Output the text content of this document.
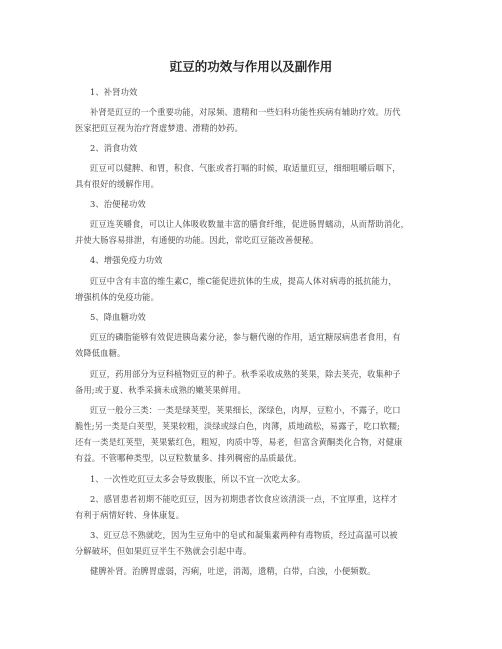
豇豆的功效与作用以及副作用
1、补肾功效
补肾是豇豆的一个重要功能，对尿频、遗精和一些妇科功能性疾病有辅助疗效。历代
医家把豇豆视为治疗肾虚梦遗、滑精的妙药。
2、消食功效
豇豆可以健脾、和胃，积食、气胀或者打嗝的时候，取适量豇豆，细细咀嚼后咽下，
具有很好的缓解作用。
3、治便秘功效
豇豆连荚嚼食，可以让人体吸收数量丰富的膳食纤维，促进肠胃蠕动，从而帮助消化，
并使大肠容易排泄，有通便的功能。因此，常吃豇豆能改善便秘。
4、增强免疫力功效
豇豆中含有丰富的维生素C，维C能促进抗体的生成，提高人体对病毒的抵抗能力，
增强机体的免疫功能。
5、降血糖功效
豇豆的磷脂能够有效促进胰岛素分泌，参与糖代谢的作用，适宜糖尿病患者食用，有
效降低血糖。
豇豆，药用部分为豆科植物豇豆的种子。秋季采收成熟的荚果，除去荚壳，收集种子
备用;或于夏、秋季采摘未成熟的嫩荚果鲜用。
豇豆一般分三类：一类是绿荚型，荚果细长，深绿色，肉厚，豆粒小，不露子，吃口
脆性;另一类是白荚型，荚果较粗，淡绿或绿白色，肉薄，质地疏松，易露子，吃口软糯;
还有一类是红荚型，荚果紫红色，粗短，肉质中等，易老，但富含黄酮类化合物，对健康
有益。不管哪种类型，以豆粒数量多、排列稠密的品质最优。
1、一次性吃豇豆太多会导致腹胀，所以不宜一次吃太多。
2、感冒患者初期不能吃豇豆，因为初期患者饮食应该清淡一点，不宜厚重，这样才
有利于病情好转、身体康复。
3、豇豆总不熟就吃，因为生豆角中的皂甙和凝集素两种有毒物质，经过高温可以被
分解破坏，但如果豇豆半生不熟就会引起中毒。
健脾补肾。治脾胃虚弱，泻痢，吐逆，消渴，遗精，白带，白浊，小便频数。
